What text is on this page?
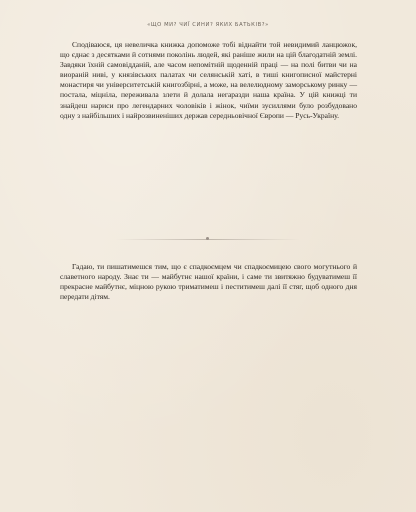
«ЩО МИ? ЧИЇ СИНИ? ЯКИХ БАТЬКІВ?»

Сподіваюся, ця невеличка книжка допоможе тобі віднайти той невидимий ланцюжок, що єднає з десятками й сотнями поколінь людей, які раніше жили на цій благодатній землі. Завдяки їхній самовідданій, але часом непомітній щоденній праці — на полі битви чи на виораній ниві, у князівських палатах чи селянській хаті, в тиші книгописної майстерні монастиря чи університетській книгозбірні, а може, на велелюдному заморському ринку — постала, міцніла, переживала злети й долала негаразди наша країна. У цій книжці ти знайдеш нариси про легендарних чоловіків і жінок, чиїми зусиллями було розбудовано одну з найбільших і найрозвиненіших держав середньовічної Європи — Русь-Україну.

Гадаю, ти пишатимешся тим, що є спадкоємцем чи спадкоємицею свого могутнього й славетного народу. Знає ти — майбутнє нашої країни, і саме ти звитяжно будуватимеш її прекрасне майбутнє, міцною рукою триматимеш і пеститимеш далі її стяг, щоб одного дня передати дітям.
